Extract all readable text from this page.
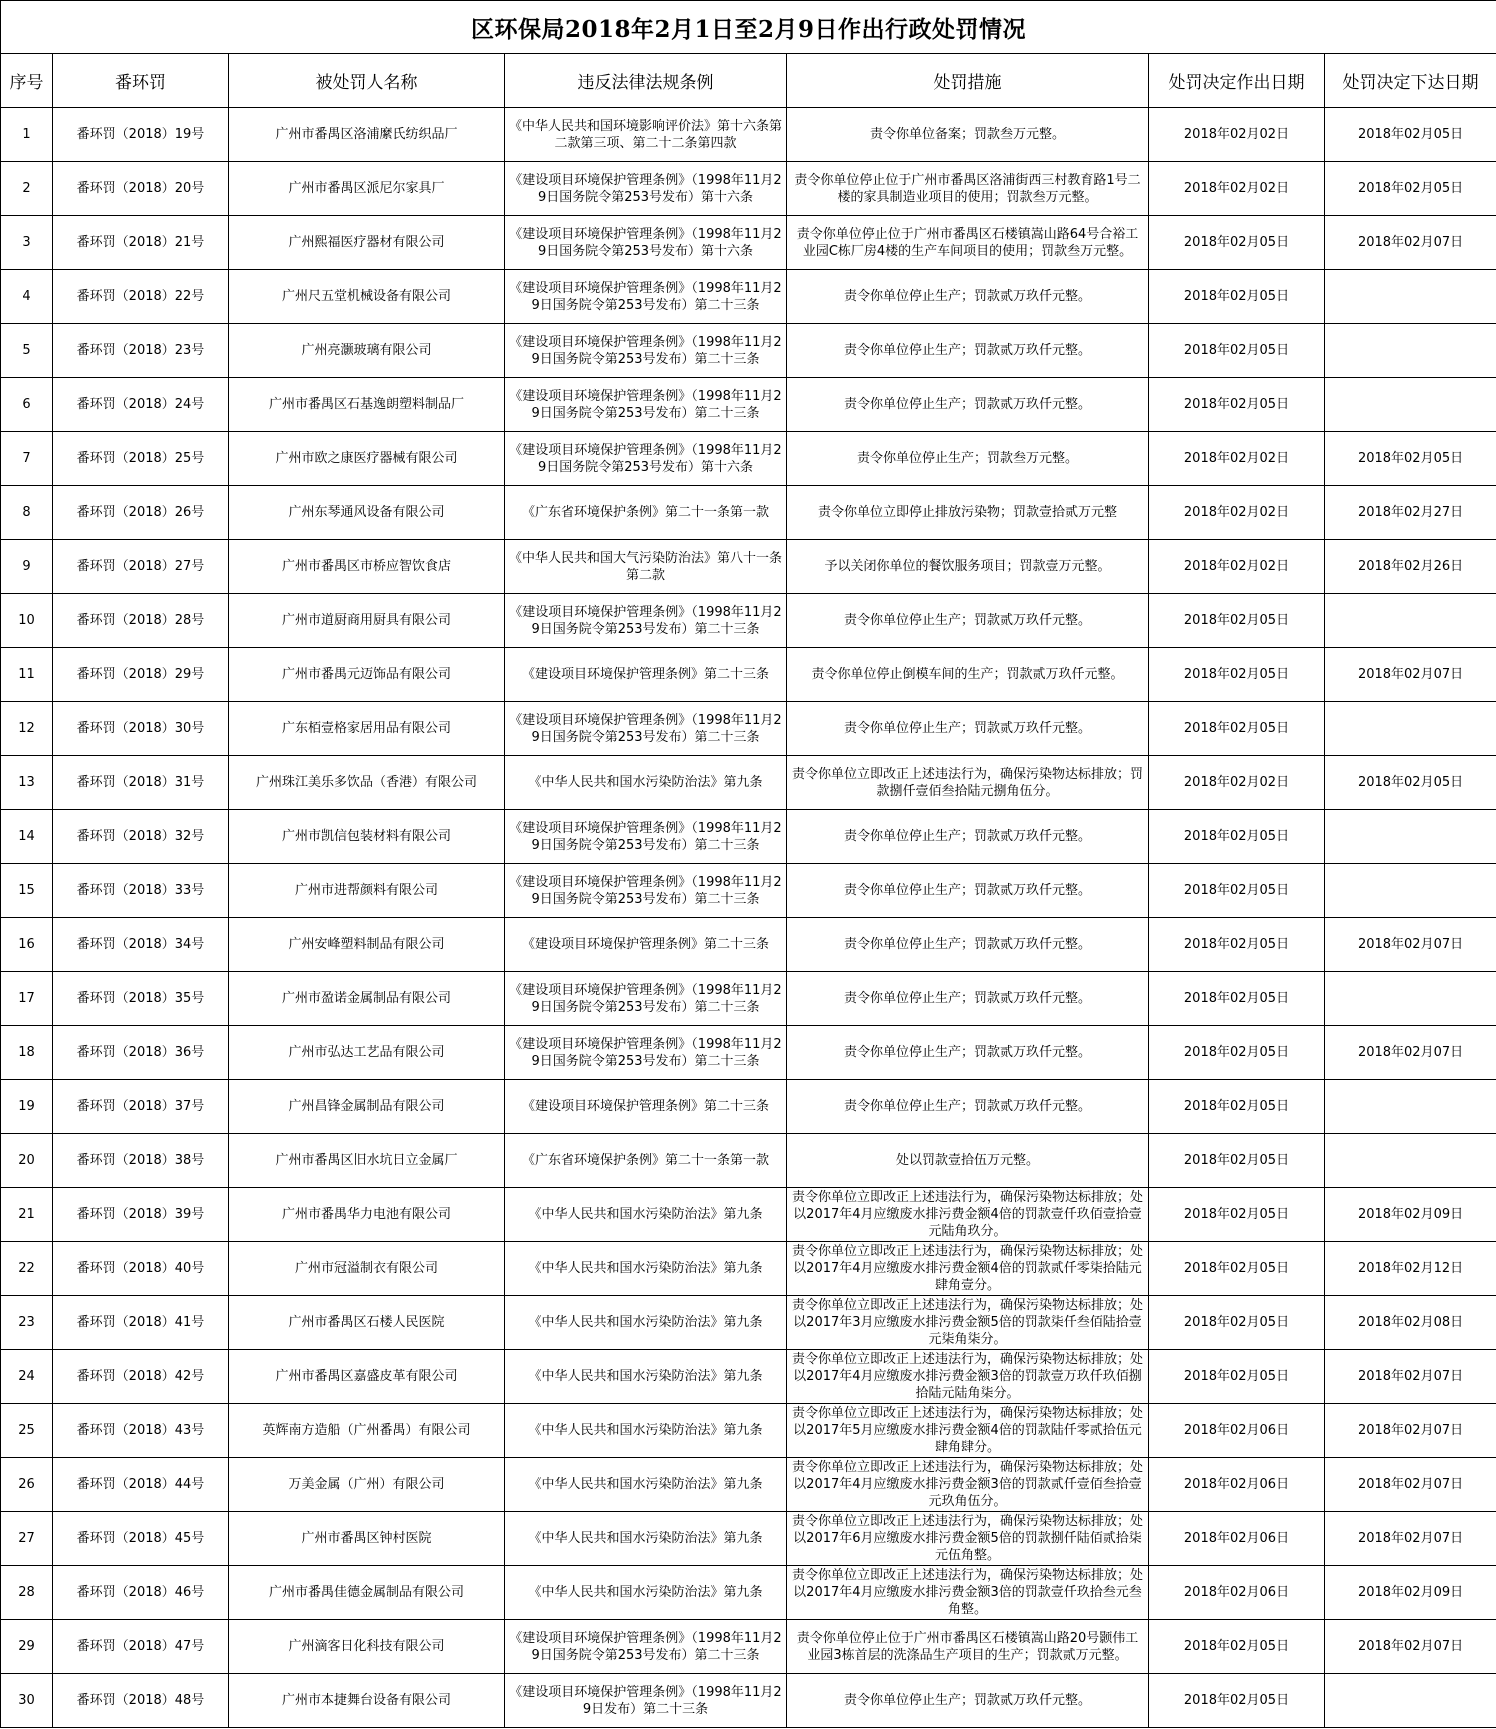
区环保局2018年2月1日至2月9日作出行政处罚情况						
序号	番环罚	被处罚人名称	违反法律法规条例	处罚措施	处罚决定作出日期	处罚决定下达日期
1	番环罚（2018）19号	广州市番禺区洛浦縻氏纺织品厂	《中华人民共和国环境影响评价法》第十六条第二款第三项、第二十二条第四款	责令你单位备案；罚款叁万元整。	2018年02月02日	2018年02月05日
2	番环罚（2018）20号	广州市番禺区派尼尔家具厂	《建设项目环境保护管理条例》（1998年11月29日国务院令第253号发布）第十六条	责令你单位停止位于广州市番禺区洛浦街西三村教育路1号二楼的家具制造业项目的使用；罚款叁万元整。	2018年02月02日	2018年02月05日
3	番环罚（2018）21号	广州熙福医疗器材有限公司	《建设项目环境保护管理条例》（1998年11月29日国务院令第253号发布）第十六条	责令你单位停止位于广州市番禺区石楼镇嵩山路64号合裕工业园C栋厂房4楼的生产车间项目的使用；罚款叁万元整。	2018年02月05日	2018年02月07日
4	番环罚（2018）22号	广州尺五堂机械设备有限公司	《建设项目环境保护管理条例》（1998年11月29日国务院令第253号发布）第二十三条	责令你单位停止生产；罚款贰万玖仟元整。	2018年02月05日	
5	番环罚（2018）23号	广州亮灏玻璃有限公司	《建设项目环境保护管理条例》（1998年11月29日国务院令第253号发布）第二十三条	责令你单位停止生产；罚款贰万玖仟元整。	2018年02月05日	
6	番环罚（2018）24号	广州市番禺区石基逸朗塑料制品厂	《建设项目环境保护管理条例》（1998年11月29日国务院令第253号发布）第二十三条	责令你单位停止生产；罚款贰万玖仟元整。	2018年02月05日	
7	番环罚（2018）25号	广州市欧之康医疗器械有限公司	《建设项目环境保护管理条例》（1998年11月29日国务院令第253号发布）第十六条	责令你单位停止生产；罚款叁万元整。	2018年02月02日	2018年02月05日
8	番环罚（2018）26号	广州东琴通风设备有限公司	《广东省环境保护条例》第二十一条第一款	责令你单位立即停止排放污染物；罚款壹拾贰万元整	2018年02月02日	2018年02月27日
9	番环罚（2018）27号	广州市番禺区市桥应智饮食店	《中华人民共和国大气污染防治法》第八十一条第二款	予以关闭你单位的餐饮服务项目；罚款壹万元整。	2018年02月02日	2018年02月26日
10	番环罚（2018）28号	广州市道厨商用厨具有限公司	《建设项目环境保护管理条例》（1998年11月29日国务院令第253号发布）第二十三条	责令你单位停止生产；罚款贰万玖仟元整。	2018年02月05日	
11	番环罚（2018）29号	广州市番禺元迈饰品有限公司	《建设项目环境保护管理条例》第二十三条	责令你单位停止倒模车间的生产；罚款贰万玖仟元整。	2018年02月05日	2018年02月07日
12	番环罚（2018）30号	广东栢壹格家居用品有限公司	《建设项目环境保护管理条例》（1998年11月29日国务院令第253号发布）第二十三条	责令你单位停止生产；罚款贰万玖仟元整。	2018年02月05日	
13	番环罚（2018）31号	广州珠江美乐多饮品（香港）有限公司	《中华人民共和国水污染防治法》第九条	责令你单位立即改正上述违法行为，确保污染物达标排放；罚款捌仟壹佰叁拾陆元捌角伍分。	2018年02月02日	2018年02月05日
14	番环罚（2018）32号	广州市凯信包装材料有限公司	《建设项目环境保护管理条例》（1998年11月29日国务院令第253号发布）第二十三条	责令你单位停止生产；罚款贰万玖仟元整。	2018年02月05日	
15	番环罚（2018）33号	广州市进帮颜料有限公司	《建设项目环境保护管理条例》（1998年11月29日国务院令第253号发布）第二十三条	责令你单位停止生产；罚款贰万玖仟元整。	2018年02月05日	
16	番环罚（2018）34号	广州安峰塑料制品有限公司	《建设项目环境保护管理条例》第二十三条	责令你单位停止生产；罚款贰万玖仟元整。	2018年02月05日	2018年02月07日
17	番环罚（2018）35号	广州市盈诺金属制品有限公司	《建设项目环境保护管理条例》（1998年11月29日国务院令第253号发布）第二十三条	责令你单位停止生产；罚款贰万玖仟元整。	2018年02月05日	
18	番环罚（2018）36号	广州市弘达工艺品有限公司	《建设项目环境保护管理条例》（1998年11月29日国务院令第253号发布）第二十三条	责令你单位停止生产；罚款贰万玖仟元整。	2018年02月05日	2018年02月07日
19	番环罚（2018）37号	广州昌锋金属制品有限公司	《建设项目环境保护管理条例》第二十三条	责令你单位停止生产；罚款贰万玖仟元整。	2018年02月05日	
20	番环罚（2018）38号	广州市番禺区旧水坑日立金属厂	《广东省环境保护条例》第二十一条第一款	处以罚款壹拾伍万元整。	2018年02月05日	
21	番环罚（2018）39号	广州市番禺华力电池有限公司	《中华人民共和国水污染防治法》第九条	责令你单位立即改正上述违法行为，确保污染物达标排放；处以2017年4月应缴废水排污费金额4倍的罚款壹仟玖佰壹拾壹元陆角玖分。	2018年02月05日	2018年02月09日
22	番环罚（2018）40号	广州市冠溢制衣有限公司	《中华人民共和国水污染防治法》第九条	责令你单位立即改正上述违法行为，确保污染物达标排放；处以2017年4月应缴废水排污费金额4倍的罚款贰仟零柒拾陆元肆角壹分。	2018年02月05日	2018年02月12日
23	番环罚（2018）41号	广州市番禺区石楼人民医院	《中华人民共和国水污染防治法》第九条	责令你单位立即改正上述违法行为，确保污染物达标排放；处以2017年3月应缴废水排污费金额5倍的罚款柒仟叁佰陆拾壹元柒角柒分。	2018年02月05日	2018年02月08日
24	番环罚（2018）42号	广州市番禺区嘉盛皮革有限公司	《中华人民共和国水污染防治法》第九条	责令你单位立即改正上述违法行为，确保污染物达标排放；处以2017年4月应缴废水排污费金额3倍的罚款壹万玖仟玖佰捌拾陆元陆角柒分。	2018年02月05日	2018年02月07日
25	番环罚（2018）43号	英辉南方造船（广州番禺）有限公司	《中华人民共和国水污染防治法》第九条	责令你单位立即改正上述违法行为，确保污染物达标排放；处以2017年5月应缴废水排污费金额4倍的罚款陆仟零贰拾伍元肆角肆分。	2018年02月06日	2018年02月07日
26	番环罚（2018）44号	万美金属（广州）有限公司	《中华人民共和国水污染防治法》第九条	责令你单位立即改正上述违法行为，确保污染物达标排放；处以2017年4月应缴废水排污费金额3倍的罚款贰仟壹佰叁拾壹元玖角伍分。	2018年02月06日	2018年02月07日
27	番环罚（2018）45号	广州市番禺区钟村医院	《中华人民共和国水污染防治法》第九条	责令你单位立即改正上述违法行为，确保污染物达标排放；处以2017年6月应缴废水排污费金额5倍的罚款捌仟陆佰贰拾柒元伍角整。	2018年02月06日	2018年02月07日
28	番环罚（2018）46号	广州市番禺佳德金属制品有限公司	《中华人民共和国水污染防治法》第九条	责令你单位立即改正上述违法行为，确保污染物达标排放；处以2017年4月应缴废水排污费金额3倍的罚款壹仟玖拾叁元叁角整。	2018年02月06日	2018年02月09日
29	番环罚（2018）47号	广州滴客日化科技有限公司	《建设项目环境保护管理条例》（1998年11月29日国务院令第253号发布）第二十三条	责令你单位停止位于广州市番禺区石楼镇嵩山路20号颢伟工业园3栋首层的洗涤品生产项目的生产；罚款贰万元整。	2018年02月05日	2018年02月07日
30	番环罚（2018）48号	广州市本捷舞台设备有限公司	《建设项目环境保护管理条例》（1998年11月29日发布）第二十三条	责令你单位停止生产；罚款贰万玖仟元整。	2018年02月05日	
